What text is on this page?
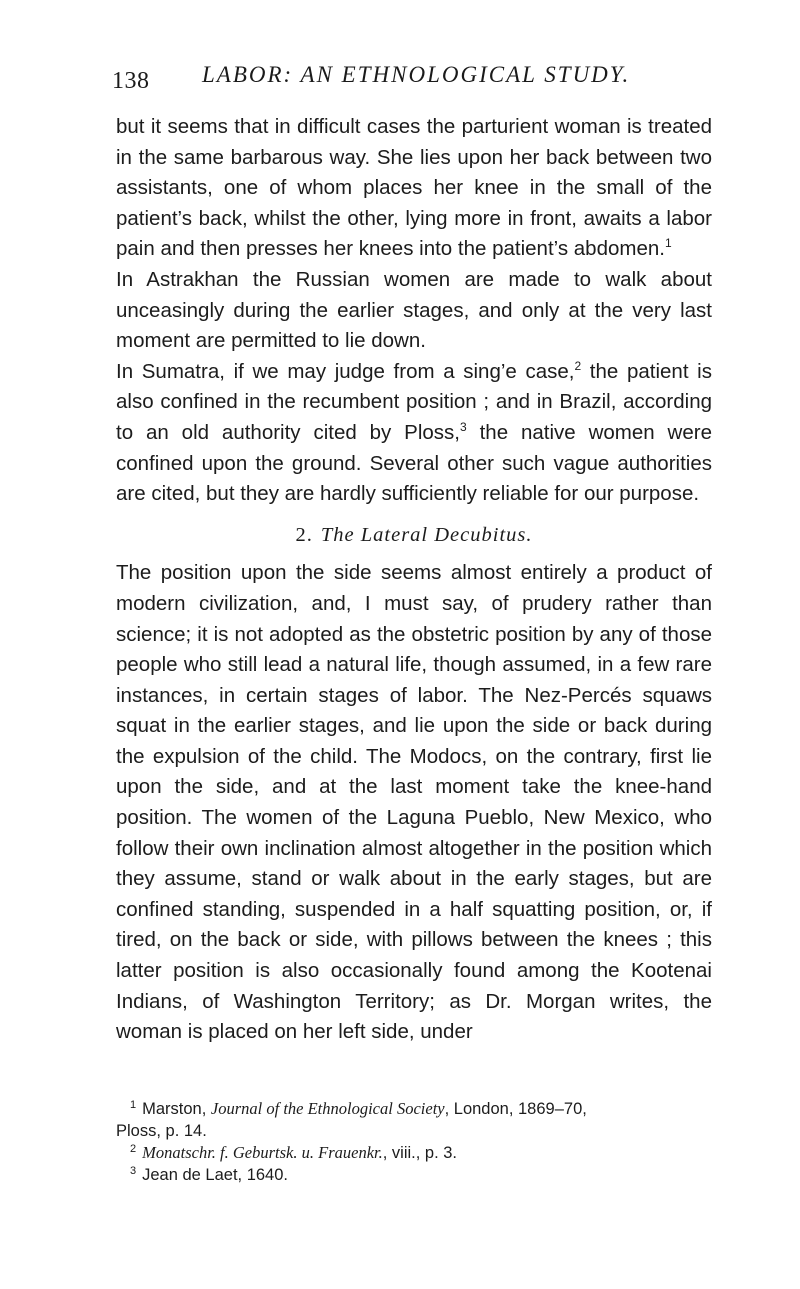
138 LABOR: AN ETHNOLOGICAL STUDY.

but it seems that in difficult cases the parturient woman is treated in the same barbarous way. She lies upon her back between two assistants, one of whom places her knee in the small of the patient’s back, whilst the other, lying more in front, awaits a labor pain and then presses her knees into the patient’s abdomen.$^1$

In Astrakhan the Russian women are made to walk about unceasingly during the earlier stages, and only at the very last moment are permitted to lie down.

In Sumatra, if we may judge from a sing’e case,$^2$ the patient is also confined in the recumbent position ; and in Brazil, according to an old authority cited by Ploss,$^3$ the native women were confined upon the ground. Several other such vague authorities are cited, but they are hardly sufficiently reliable for our purpose.

2. The Lateral Decubitus.

The position upon the side seems almost entirely a product of modern civilization, and, I must say, of prudery rather than science; it is not adopted as the obstetric position by any of those people who still lead a natural life, though assumed, in a few rare instances, in certain stages of labor. The Nez-Percés squaws squat in the earlier stages, and lie upon the side or back during the expulsion of the child. The Modocs, on the contrary, first lie upon the side, and at the last moment take the knee-hand position. The women of the Laguna Pueblo, New Mexico, who follow their own inclination almost altogether in the position which they assume, stand or walk about in the early stages, but are confined standing, suspended in a half squatting position, or, if tired, on the back or side, with pillows between the knees ; this latter position is also occasionally found among the Kootenai Indians, of Washington Territory; as Dr. Morgan writes, the woman is placed on her left side, under

$^1$ Marston, Journal of the Ethnological Society, London, 1869–70,

Ploss, p. 14.

$^2$ Monatschr. f. Geburtsk. u. Frauenkr., viii., p. 3.

$^3$ Jean de Laet, 1640.
